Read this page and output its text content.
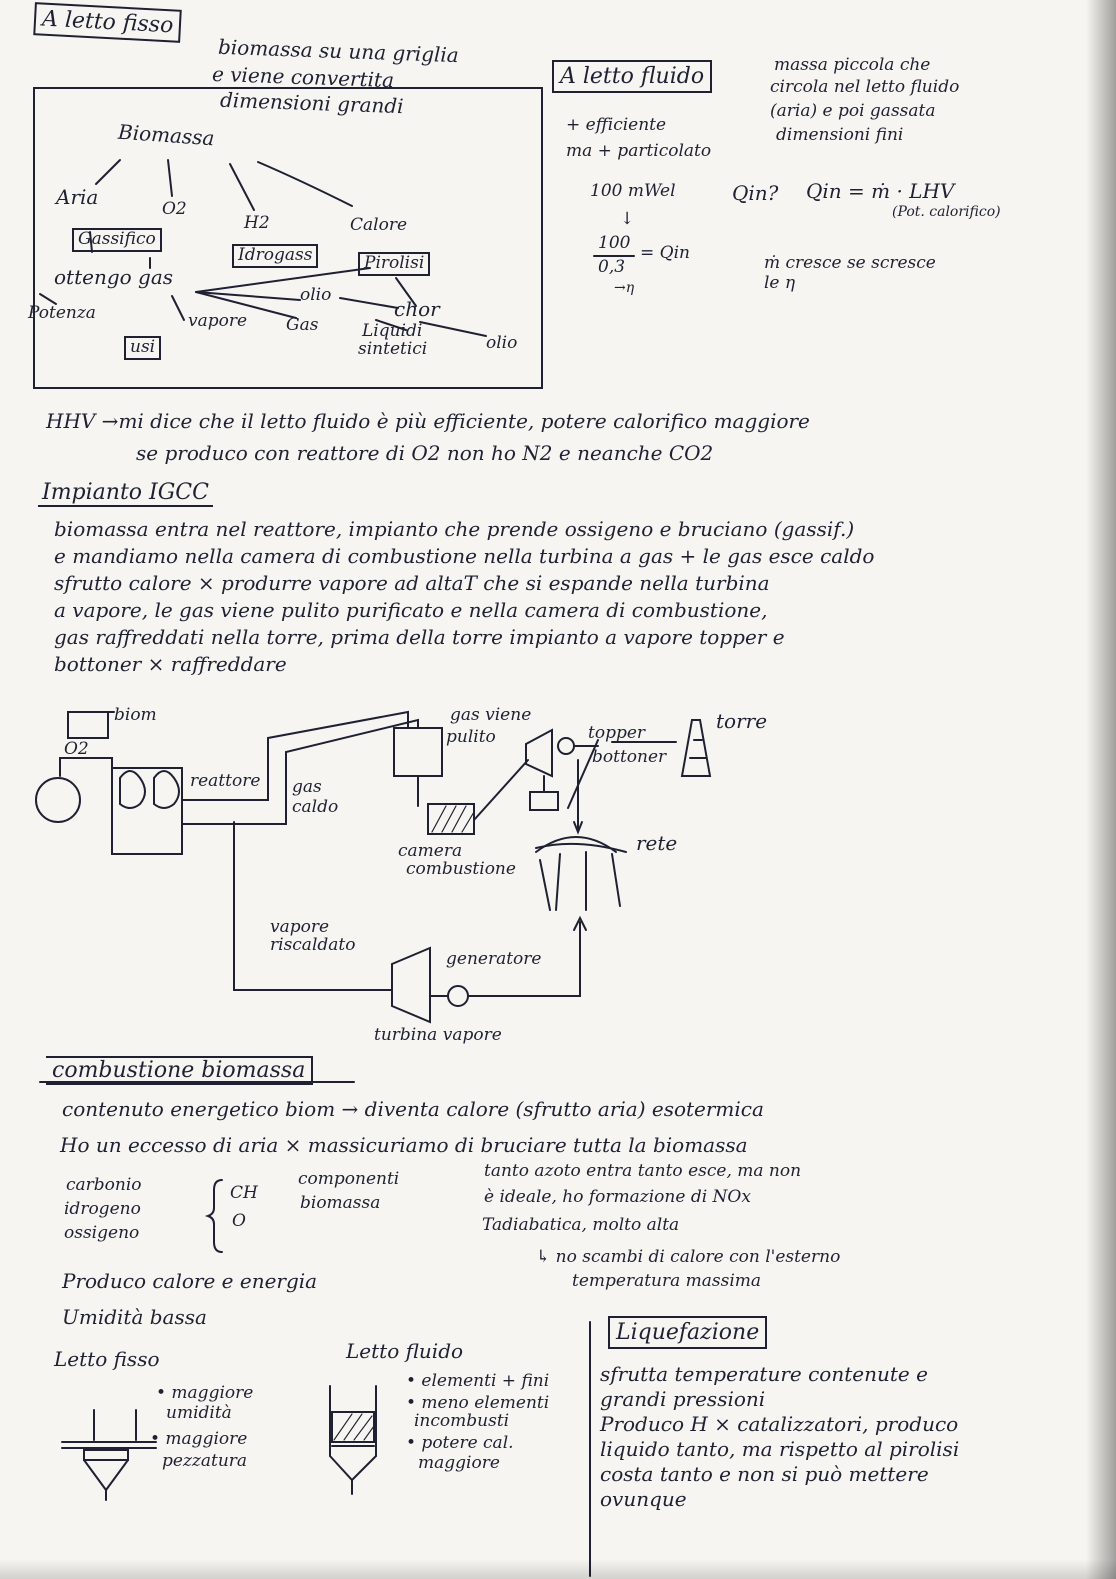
A letto fisso
biomassa su una griglia
e viene convertita
dimensioni grandi
Biomassa
Aria	O2
H2	Calore
Gassifico
Idrogass	Pirolisi
ottengo gas
olio
chor
Potenza	vapore Gas	Liquidi
sintetici	olio
usi
A letto fluido	massa piccola che
circola nel letto fluido
(aria) e poi gassata
dimensioni fini
+ efficiente
ma + particolato
100 mWel	Qin? Qin = ṁ · LHV
(Pot. calorifico)
↓
100
0,3
= Qin
→η
ṁ cresce se scresce
le η
HHV →mi dice che il letto fluido è più efficiente, potere calorifico maggiore
se produco con reattore di O2 non ho N2 e neanche CO2
Impianto IGCC
biomassa entra nel reattore, impianto che prende ossigeno e bruciano (gassif.)
e mandiamo nella camera di combustione nella turbina a gas + le gas esce caldo
sfrutto calore × produrre vapore ad altaT che si espande nella turbina
a vapore, le gas viene pulito purificato e nella camera di combustione,
gas raffreddati nella torre, prima della torre impianto a vapore topper e
bottoner × raffreddare
biom
O2
reattore gas
caldo
gas viene
pulito	topper
bottoner
torre
camera
combustione
rete
vapore
riscaldato
generatore
turbina vapore
combustione biomassa
contenuto energetico biom → diventa calore (sfrutto aria) esotermica
Ho un eccesso di aria × massicuriamo di bruciare tutta la biomassa
carbonio
idrogeno
ossigeno
CH
O
componenti
biomassa
tanto azoto entra tanto esce, ma non
è ideale, ho formazione di NOx
Tadiabatica, molto alta
↳ no scambi di calore con l'esterno
temperatura massima
Produco calore e energia
Umidità bassa
Letto fisso
• maggiore
umidità
• maggiore
pezzatura
Letto fluido
• elementi + fini
• meno elementi
incombusti
• potere cal.
maggiore
Liquefazione
sfrutta temperature contenute e
grandi pressioni
Produco H × catalizzatori, produco
liquido tanto, ma rispetto al pirolisi
costa tanto e non si può mettere
ovunque
